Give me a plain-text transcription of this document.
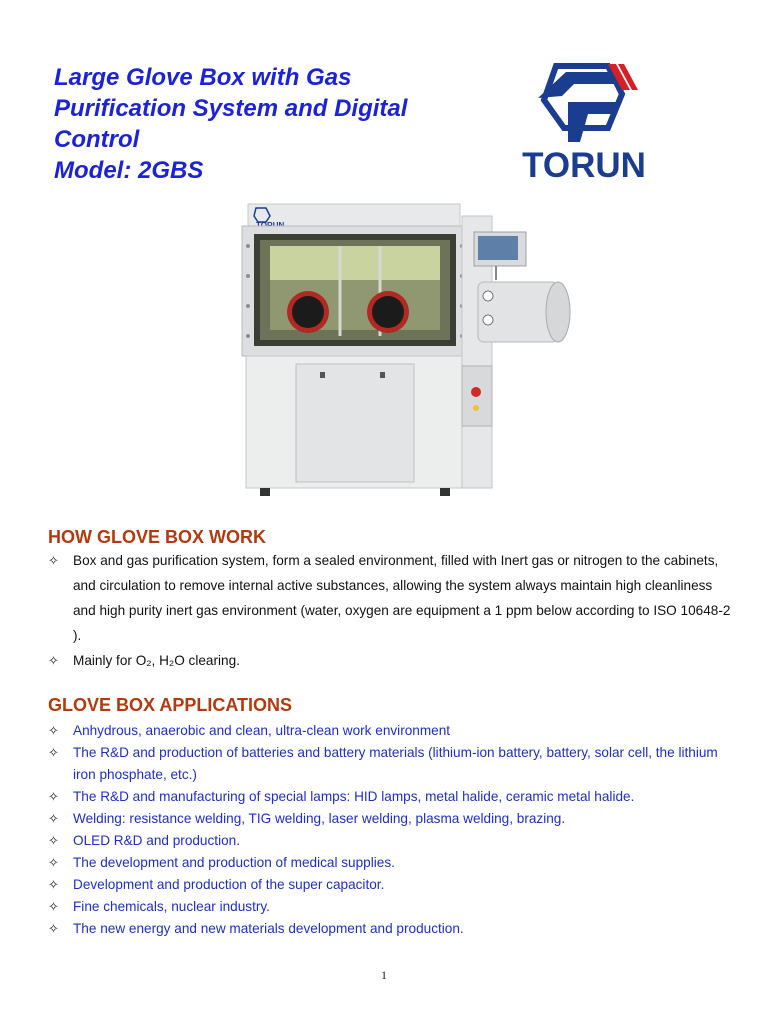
Large Glove Box with Gas
Purification System and Digital
Control
Model: 2GBS	TORUN
HOW GLOVE BOX WORK
✧ Box and gas purification system, form a sealed environment, filled with Inert gas or nitrogen to the cabinets, and circulation to remove internal active substances, allowing the system always maintain high cleanliness and high purity inert gas environment (water, oxygen are equipment a 1 ppm below according to ISO 10648-2 ).
✧ Mainly for O₂, H₂O clearing.
GLOVE BOX APPLICATIONS
✧ Anhydrous, anaerobic and clean, ultra-clean work environment
✧ The R&D and production of batteries and battery materials (lithium-ion battery, battery, solar cell, the lithium iron phosphate, etc.)
✧ The R&D and manufacturing of special lamps: HID lamps, metal halide, ceramic metal halide.
✧ Welding: resistance welding, TIG welding, laser welding, plasma welding, brazing.
✧ OLED R&D and production.
✧ The development and production of medical supplies.
✧ Development and production of the super capacitor.
✧ Fine chemicals, nuclear industry.
✧ The new energy and new materials development and production.
1
